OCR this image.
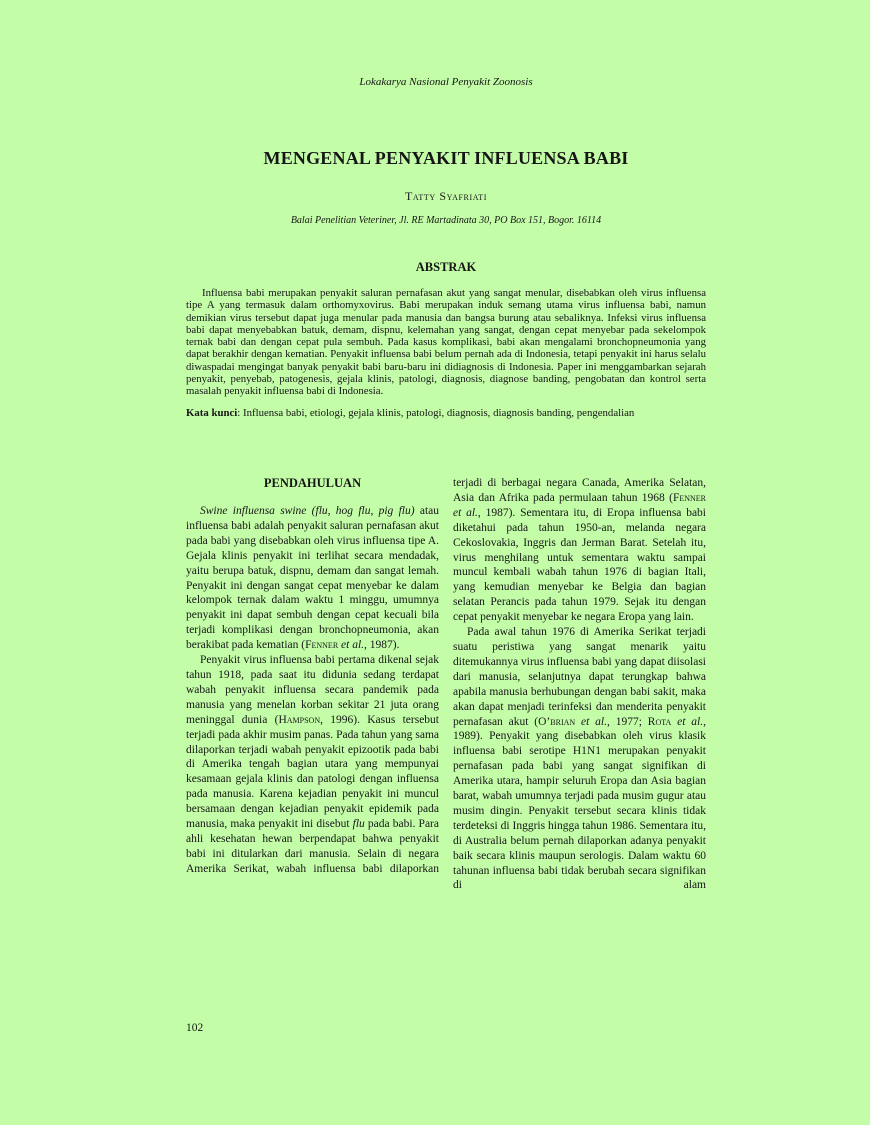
Lokakarya Nasional Penyakit Zoonosis
MENGENAL PENYAKIT INFLUENSA BABI
Tatty Syafriati
Balai Penelitian Veteriner, Jl. RE Martadinata 30, PO Box 151, Bogor. 16114
ABSTRAK

Influensa babi merupakan penyakit saluran pernafasan akut yang sangat menular, disebabkan oleh virus influensa tipe A yang termasuk dalam orthomyxovirus. Babi merupakan induk semang utama virus influensa babi, namun demikian virus tersebut dapat juga menular pada manusia dan bangsa burung atau sebaliknya. Infeksi virus influensa babi dapat menyebabkan batuk, demam, dispnu, kelemahan yang sangat, dengan cepat menyebar pada sekelompok ternak babi dan dengan cepat pula sembuh. Pada kasus komplikasi, babi akan mengalami bronchopneumonia yang dapat berakhir dengan kematian. Penyakit influensa babi belum pernah ada di Indonesia, tetapi penyakit ini harus selalu diwaspadai mengingat banyak penyakit babi baru-baru ini didiagnosis di Indonesia. Paper ini menggambarkan sejarah penyakit, penyebab, patogenesis, gejala klinis, patologi, diagnosis, diagnose banding, pengobatan dan kontrol serta masalah penyakit influensa babi di Indonesia.

Kata kunci: Influensa babi, etiologi, gejala klinis, patologi, diagnosis, diagnosis banding, pengendalian

PENDAHULUAN

Swine influensa swine (flu, hog flu, pig flu) atau influensa babi adalah penyakit saluran pernafasan akut pada babi yang disebabkan oleh virus influensa tipe A. Gejala klinis penyakit ini terlihat secara mendadak, yaitu berupa batuk, dispnu, demam dan sangat lemah. Penyakit ini dengan sangat cepat menyebar ke dalam kelompok ternak dalam waktu 1 minggu, umumnya penyakit ini dapat sembuh dengan cepat kecuali bila terjadi komplikasi dengan bronchopneumonia, akan berakibat pada kematian (Fenner et al., 1987).

Penyakit virus influensa babi pertama dikenal sejak tahun 1918, pada saat itu didunia sedang terdapat wabah penyakit influensa secara pandemik pada manusia yang menelan korban sekitar 21 juta orang meninggal dunia (Hampson, 1996). Kasus tersebut terjadi pada akhir musim panas. Pada tahun yang sama dilaporkan terjadi wabah penyakit epizootik pada babi di Amerika tengah bagian utara yang mempunyai kesamaan gejala klinis dan patologi dengan influensa pada manusia. Karena kejadian penyakit ini muncul bersamaan dengan kejadian penyakit epidemik pada manusia, maka penyakit ini disebut flu pada babi. Para ahli kesehatan hewan berpendapat bahwa penyakit babi ini ditularkan dari manusia. Selain di negara Amerika Serikat, wabah influensa babi dilaporkan

terjadi di berbagai negara Canada, Amerika Selatan, Asia dan Afrika pada permulaan tahun 1968 (Fenner et al., 1987). Sementara itu, di Eropa influensa babi diketahui pada tahun 1950-an, melanda negara Cekoslovakia, Inggris dan Jerman Barat. Setelah itu, virus menghilang untuk sementara waktu sampai muncul kembali wabah tahun 1976 di bagian Itali, yang kemudian menyebar ke Belgia dan bagian selatan Perancis pada tahun 1979. Sejak itu dengan cepat penyakit menyebar ke negara Eropa yang lain.

Pada awal tahun 1976 di Amerika Serikat terjadi suatu peristiwa yang sangat menarik yaitu ditemukannya virus influensa babi yang dapat diisolasi dari manusia, selanjutnya dapat terungkap bahwa apabila manusia berhubungan dengan babi sakit, maka akan dapat menjadi terinfeksi dan menderita penyakit pernafasan akut (O’brian et al., 1977; Rota et al., 1989). Penyakit yang disebabkan oleh virus klasik influensa babi serotipe H1N1 merupakan penyakit pernafasan pada babi yang sangat signifikan di Amerika utara, hampir seluruh Eropa dan Asia bagian barat, wabah umumnya terjadi pada musim gugur atau musim dingin. Penyakit tersebut secara klinis tidak terdeteksi di Inggris hingga tahun 1986. Sementara itu, di Australia belum pernah dilaporkan adanya penyakit baik secara klinis maupun serologis. Dalam waktu 60 tahunan influensa babi tidak berubah secara signifikan di alam

102
